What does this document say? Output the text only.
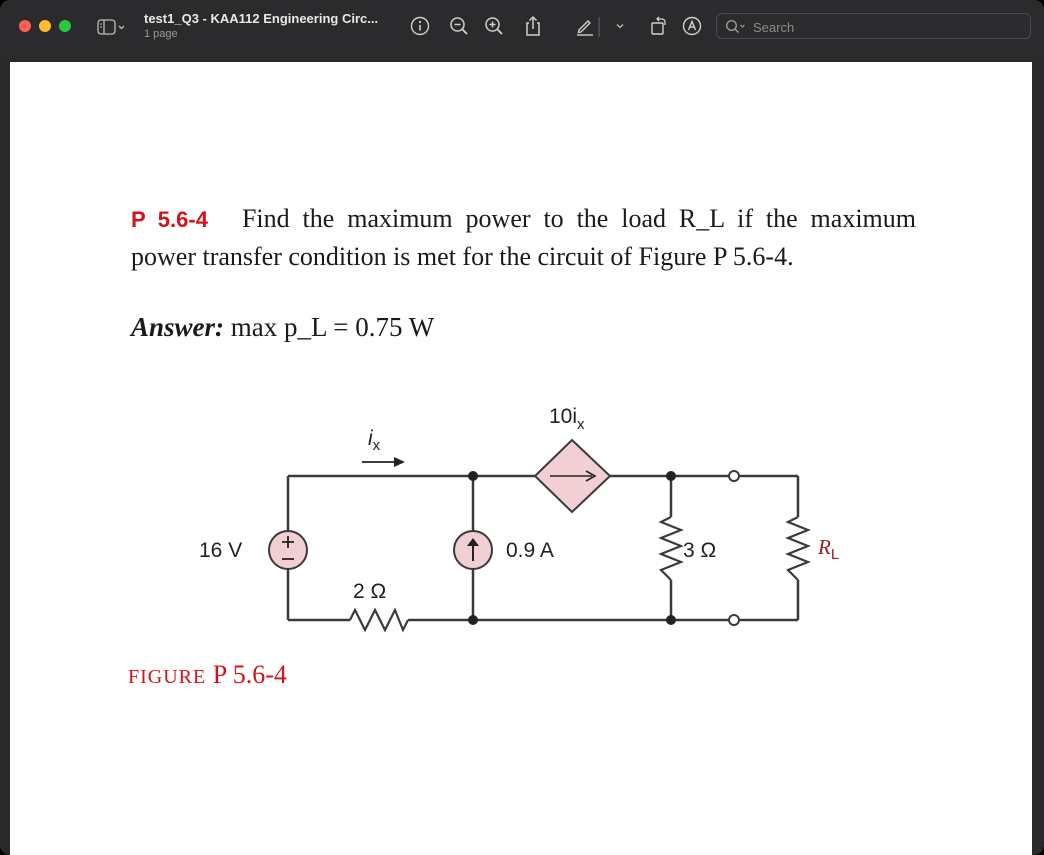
test1_Q3 - KAA112 Engineering Circ...
1 page
Search
P 5.6-4 Find the maximum power to the load R_L if the maximum power transfer condition is met for the circuit of Figure P 5.6-4.
Answer: max p_L = 0.75 W
16 V
2 Ω
0.9 A	3 Ω
$10i_x$
$i_x$
$R_L$
FIGURE P 5.6-4
